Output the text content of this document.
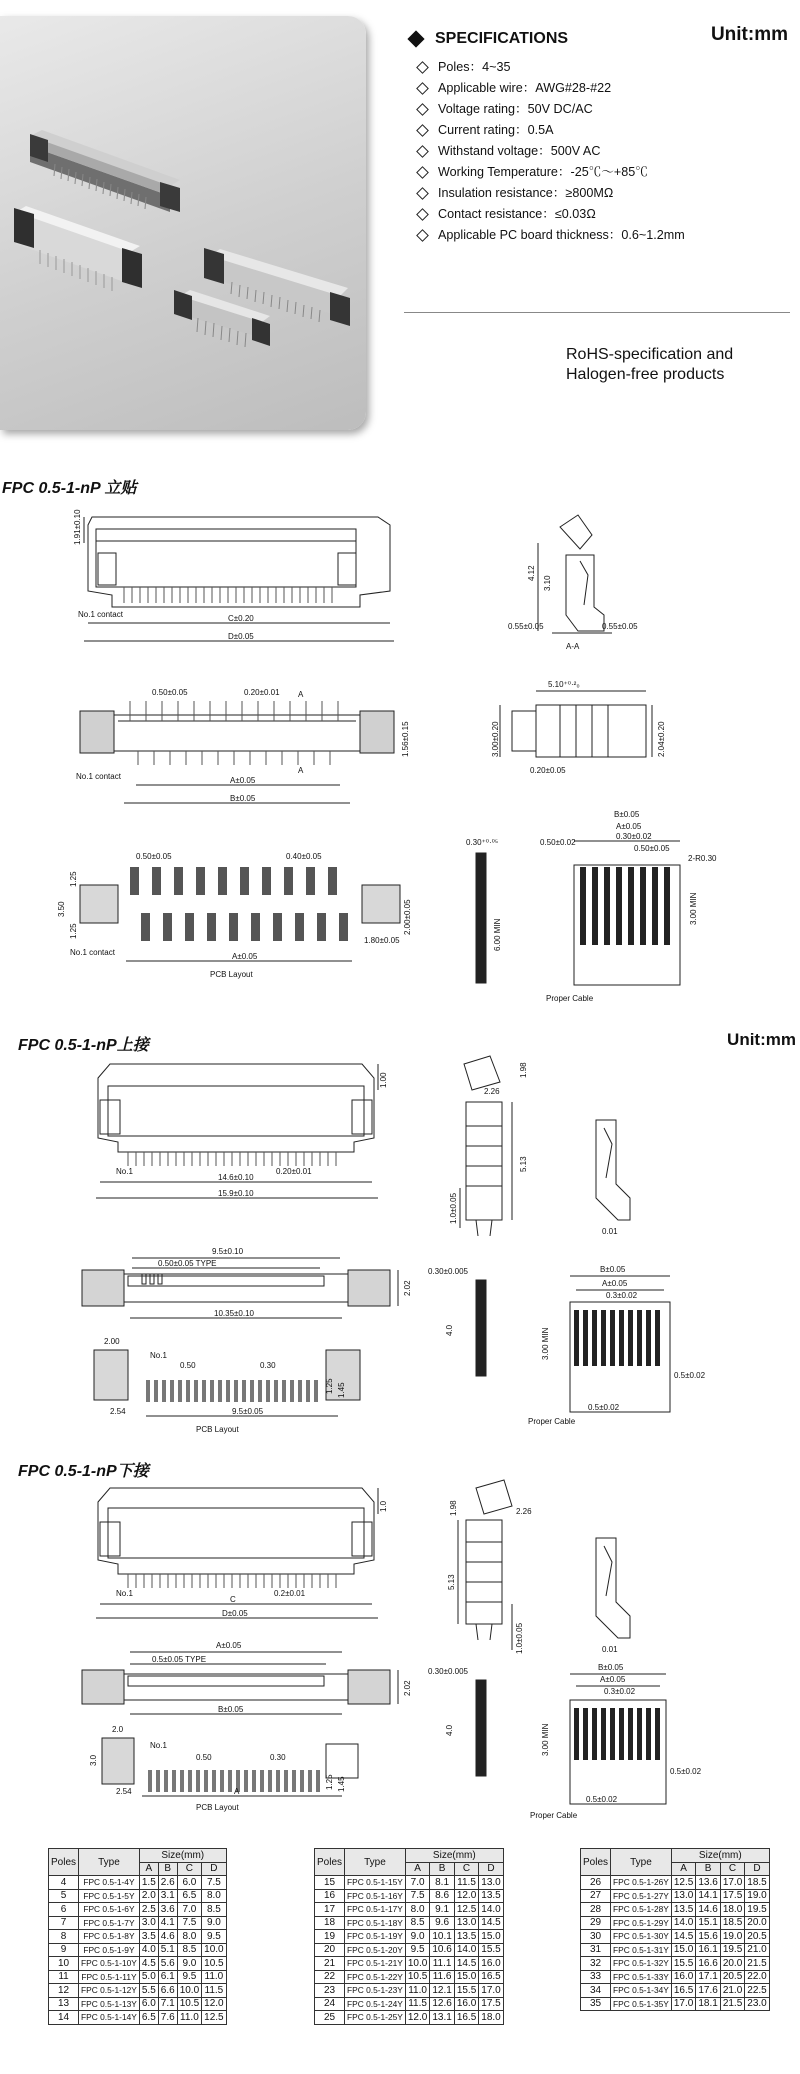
Unit:mm
SPECIFICATIONS
Poles：4~35
Applicable wire：AWG#28-#22
Voltage rating：50V DC/AC
Current rating：0.5A
Withstand voltage：500V AC
Working Temperature：-25℃～+85℃
Insulation resistance：≥800MΩ
Contact resistance：≤0.03Ω
Applicable PC board thickness：0.6~1.2mm
RoHS-specification and
Halogen-free products
FPC 0.5-1-nP 立贴
1.91±0.10
No.1 contact	C±0.20
D±0.05
4.12
3.10
0.55±0.05	0.55±0.05
A-A
0.50±0.05	0.20±0.01 A
A
1.56±0.15
No.1 contact	A±0.05
B±0.05
5.10⁺⁰·²₀
3.00±0.20	2.04±0.20
0.20±0.05
0.50±0.05	0.40±0.05
3.50
1.25
1.25	2.00±0.05
1.80±0.05
No.1 contact	A±0.05
PCB Layout
0.30⁺⁰·⁰⁵
6.00 MIN
0.50±0.02
B±0.05
A±0.05
0.30±0.02
0.50±0.05
2-R0.30
3.00 MIN
Proper Cable
FPC 0.5-1-nP上接	Unit:mm
2.26
1.98
5.13
1.00
1.0±0.05
0.01
No.1
14.6±0.10
15.9±0.10
0.20±0.01
9.5±0.10
0.50±0.05 TYPE
2.02
10.35±0.10
2.00
No.1
0.50	0.30
1.25 1.45
2.54	9.5±0.05
PCB Layout
0.30±0.005
4.0
B±0.05
A±0.05
0.3±0.02
3.00 MIN
0.5±0.02
0.5±0.02
Proper Cable
FPC 0.5-1-nP下接
1.98	2.26
5.13
1.0
1.0±0.05	0.01
No.1	0.2±0.01
C
D±0.05
A±0.05
0.5±0.05 TYPE
2.02
B±0.05
2.0
3.0
No.1
0.50	0.30
1.25 1.45
2.54	A
PCB Layout
0.30±0.005
4.0
B±0.05
A±0.05
0.3±0.02
3.00 MIN
0.5±0.02
0.5±0.02
Proper Cable
Poles	Type	Size(mm)			
		A	B	C	D
4	FPC 0.5-1-4Y	1.5	2.6	6.0	7.5
5	FPC 0.5-1-5Y	2.0	3.1	6.5	8.0
6	FPC 0.5-1-6Y	2.5	3.6	7.0	8.5
7	FPC 0.5-1-7Y	3.0	4.1	7.5	9.0
8	FPC 0.5-1-8Y	3.5	4.6	8.0	9.5
9	FPC 0.5-1-9Y	4.0	5.1	8.5	10.0
10	FPC 0.5-1-10Y	4.5	5.6	9.0	10.5
11	FPC 0.5-1-11Y	5.0	6.1	9.5	11.0
12	FPC 0.5-1-12Y	5.5	6.6	10.0	11.5
13	FPC 0.5-1-13Y	6.0	7.1	10.5	12.0
14	FPC 0.5-1-14Y	6.5	7.6	11.0	12.5
Poles	Type	Size(mm)			
		A	B	C	D
15	FPC 0.5-1-15Y	7.0	8.1	11.5	13.0
16	FPC 0.5-1-16Y	7.5	8.6	12.0	13.5
17	FPC 0.5-1-17Y	8.0	9.1	12.5	14.0
18	FPC 0.5-1-18Y	8.5	9.6	13.0	14.5
19	FPC 0.5-1-19Y	9.0	10.1	13.5	15.0
20	FPC 0.5-1-20Y	9.5	10.6	14.0	15.5
21	FPC 0.5-1-21Y	10.0	11.1	14.5	16.0
22	FPC 0.5-1-22Y	10.5	11.6	15.0	16.5
23	FPC 0.5-1-23Y	11.0	12.1	15.5	17.0
24	FPC 0.5-1-24Y	11.5	12.6	16.0	17.5
25	FPC 0.5-1-25Y	12.0	13.1	16.5	18.0
Poles	Type	Size(mm)			
		A	B	C	D
26	FPC 0.5-1-26Y	12.5	13.6	17.0	18.5
27	FPC 0.5-1-27Y	13.0	14.1	17.5	19.0
28	FPC 0.5-1-28Y	13.5	14.6	18.0	19.5
29	FPC 0.5-1-29Y	14.0	15.1	18.5	20.0
30	FPC 0.5-1-30Y	14.5	15.6	19.0	20.5
31	FPC 0.5-1-31Y	15.0	16.1	19.5	21.0
32	FPC 0.5-1-32Y	15.5	16.6	20.0	21.5
33	FPC 0.5-1-33Y	16.0	17.1	20.5	22.0
34	FPC 0.5-1-34Y	16.5	17.6	21.0	22.5
35	FPC 0.5-1-35Y	17.0	18.1	21.5	23.0
